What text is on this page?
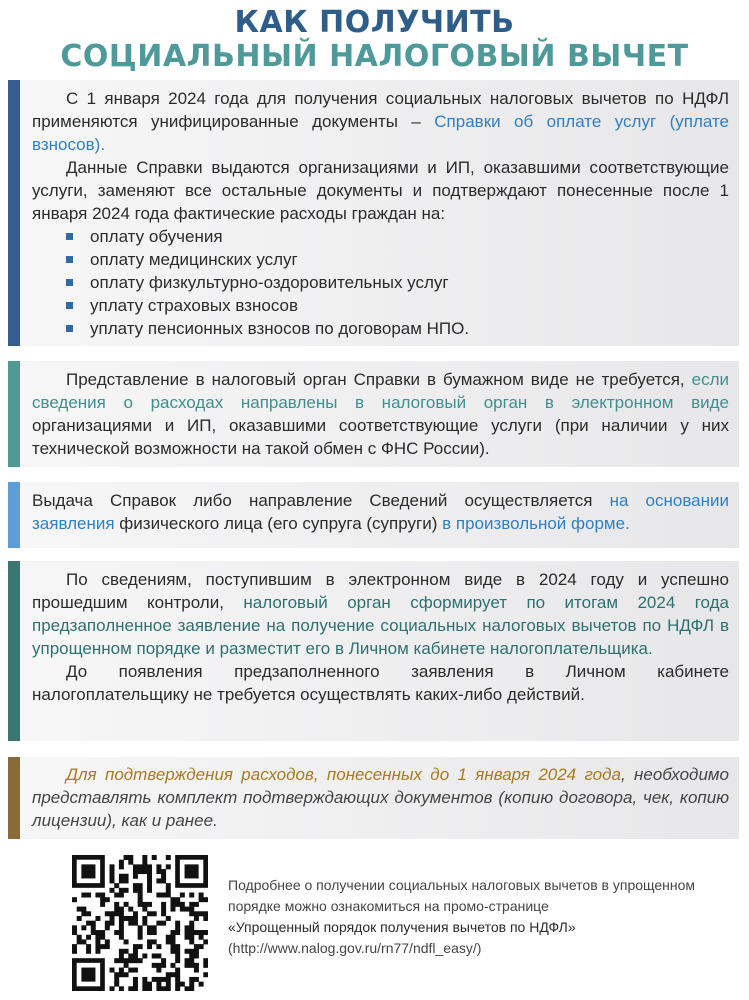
КАК ПОЛУЧИТЬ
СОЦИАЛЬНЫЙ НАЛОГОВЫЙ ВЫЧЕТ

С 1 января 2024 года для получения социальных налоговых вычетов по НДФЛ применяются унифицированные документы – Справки об оплате услуг (уплате взносов).

Данные Справки выдаются организациями и ИП, оказавшими соответствующие услуги, заменяют все остальные документы и подтверждают понесенные после 1 января 2024 года фактические расходы граждан на:

оплату обучения
оплату медицинских услуг
оплату физкультурно-оздоровительных услуг
уплату страховых взносов
уплату пенсионных взносов по договорам НПО.

Представление в налоговый орган Справки в бумажном виде не требуется, если сведения о расходах направлены в налоговый орган в электронном виде организациями и ИП, оказавшими соответствующие услуги (при наличии у них технической возможности на такой обмен с ФНС России).

Выдача Справок либо направление Сведений осуществляется на основании заявления физического лица (его супруга (супруги) в произвольной форме.

По сведениям, поступившим в электронном виде в 2024 году и успешно прошедшим контроли, налоговый орган сформирует по итогам 2024 года предзаполненное заявление на получение социальных налоговых вычетов по НДФЛ в упрощенном порядке и разместит его в Личном кабинете налогоплательщика.

До появления предзаполненного заявления в Личном кабинете налогоплательщику не требуется осуществлять каких-либо действий.

Для подтверждения расходов, понесенных до 1 января 2024 года, необходимо представлять комплект подтверждающих документов (копию договора, чек, копию лицензии), как и ранее.

Подробнее о получении социальных налоговых вычетов в упрощенном порядке можно ознакомиться на промо-странице
«Упрощенный порядок получения вычетов по НДФЛ»
(http://www.nalog.gov.ru/rn77/ndfl_easy/)
